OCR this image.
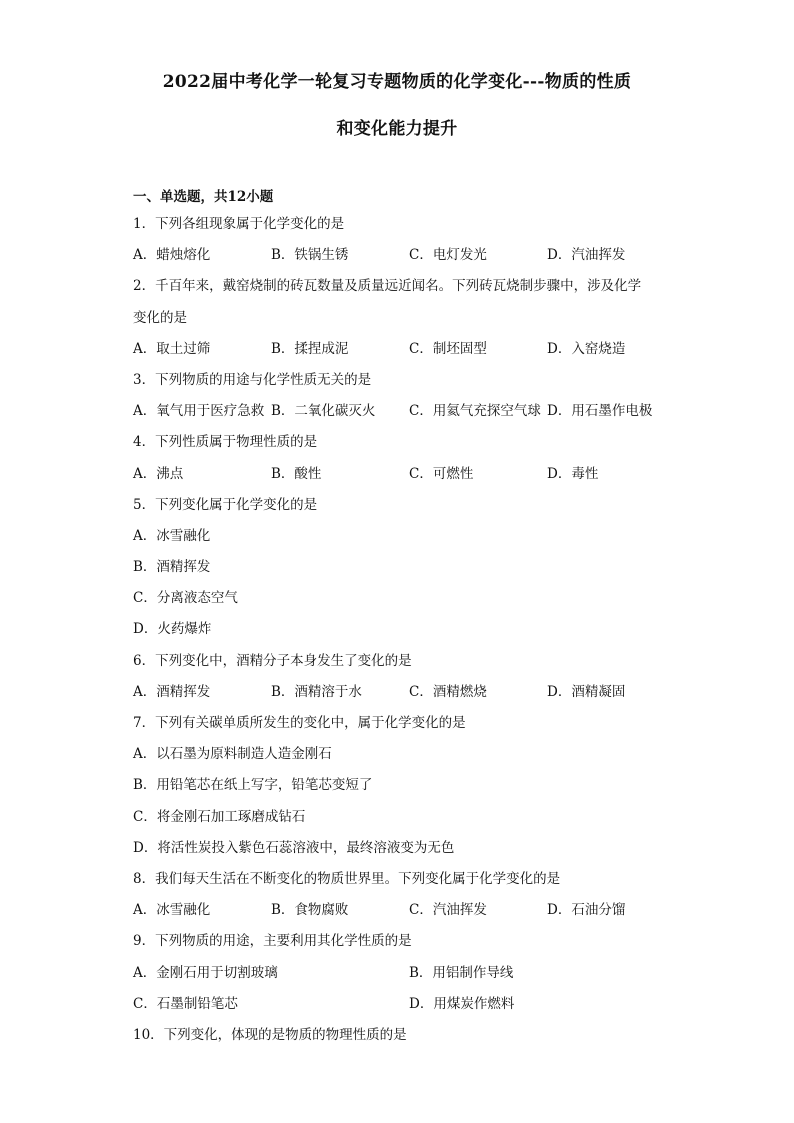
2022届中考化学一轮复习专题物质的化学变化---物质的性质
和变化能力提升
一、单选题，共12小题
1．下列各组现象属于化学变化的是
A．蜡烛熔化	B．铁锅生锈	C．电灯发光	D．汽油挥发
2．千百年来，戴窑烧制的砖瓦数量及质量远近闻名。下列砖瓦烧制步骤中，涉及化学
变化的是
A．取土过筛	B．揉捏成泥	C．制坯固型	D．入窑烧造
3．下列物质的用途与化学性质无关的是
A．氧气用于医疗急救 B．二氧化碳灭火	C．用氦气充探空气球 D．用石墨作电极
4．下列性质属于物理性质的是
A．沸点	B．酸性	C．可燃性	D．毒性
5．下列变化属于化学变化的是
A．冰雪融化
B．酒精挥发
C．分离液态空气
D．火药爆炸
6．下列变化中，酒精分子本身发生了变化的是
A．酒精挥发	B．酒精溶于水	C．酒精燃烧	D．酒精凝固
7．下列有关碳单质所发生的变化中，属于化学变化的是
A．以石墨为原料制造人造金刚石
B．用铅笔芯在纸上写字，铅笔芯变短了
C．将金刚石加工琢磨成钻石
D．将活性炭投入紫色石蕊溶液中，最终溶液变为无色
8．我们每天生活在不断变化的物质世界里。下列变化属于化学变化的是
A．冰雪融化	B．食物腐败	C．汽油挥发	D．石油分馏
9．下列物质的用途，主要利用其化学性质的是
A．金刚石用于切割玻璃	B．用铝制作导线
C．石墨制铅笔芯	D．用煤炭作燃料
10．下列变化，体现的是物质的物理性质的是
